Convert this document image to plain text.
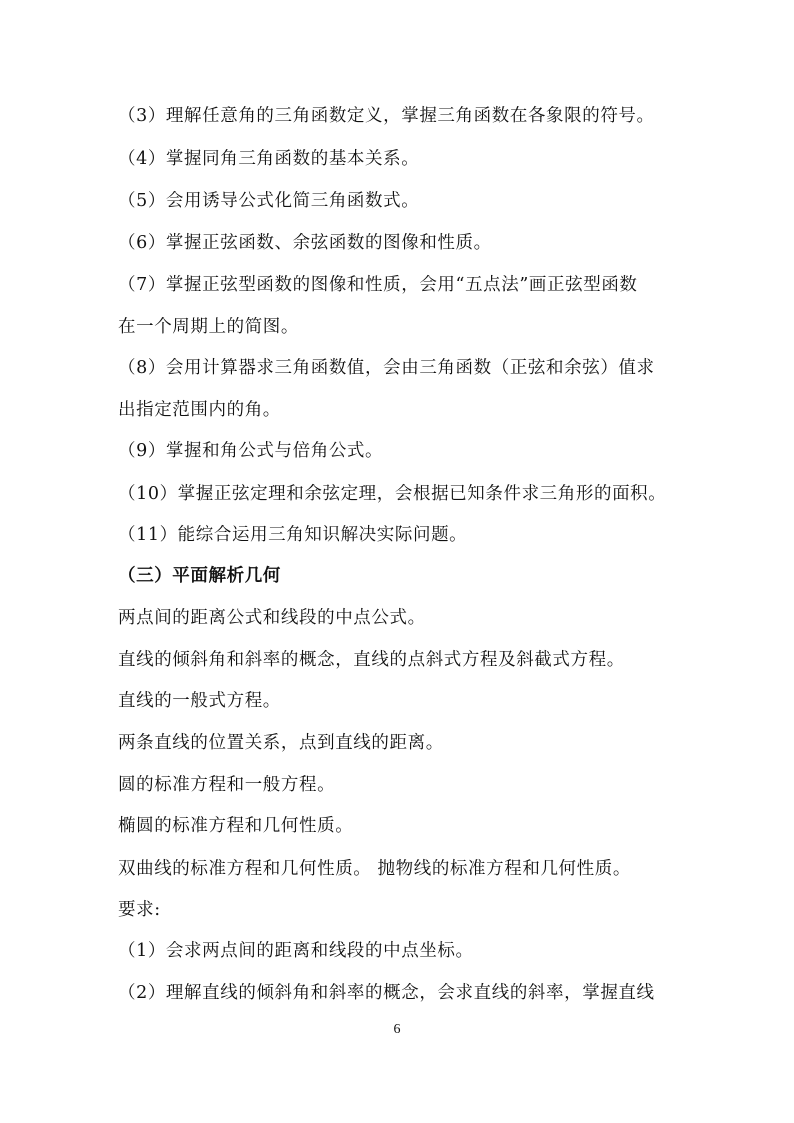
（3）理解任意角的三角函数定义，掌握三角函数在各象限的符号。
（4）掌握同角三角函数的基本关系。
（5）会用诱导公式化简三角函数式。
（6）掌握正弦函数、余弦函数的图像和性质。
（7）掌握正弦型函数的图像和性质，会用“五点法”画正弦型函数
在一个周期上的简图。
（8）会用计算器求三角函数值，会由三角函数（正弦和余弦）值求
出指定范围内的角。
（9）掌握和角公式与倍角公式。
（10）掌握正弦定理和余弦定理，会根据已知条件求三角形的面积。
（11）能综合运用三角知识解决实际问题。
（三）平面解析几何
两点间的距离公式和线段的中点公式。
直线的倾斜角和斜率的概念，直线的点斜式方程及斜截式方程。
直线的一般式方程。
两条直线的位置关系，点到直线的距离。
圆的标准方程和一般方程。
椭圆的标准方程和几何性质。
双曲线的标准方程和几何性质。 抛物线的标准方程和几何性质。
要求:
（1）会求两点间的距离和线段的中点坐标。
（2）理解直线的倾斜角和斜率的概念，会求直线的斜率，掌握直线
6
